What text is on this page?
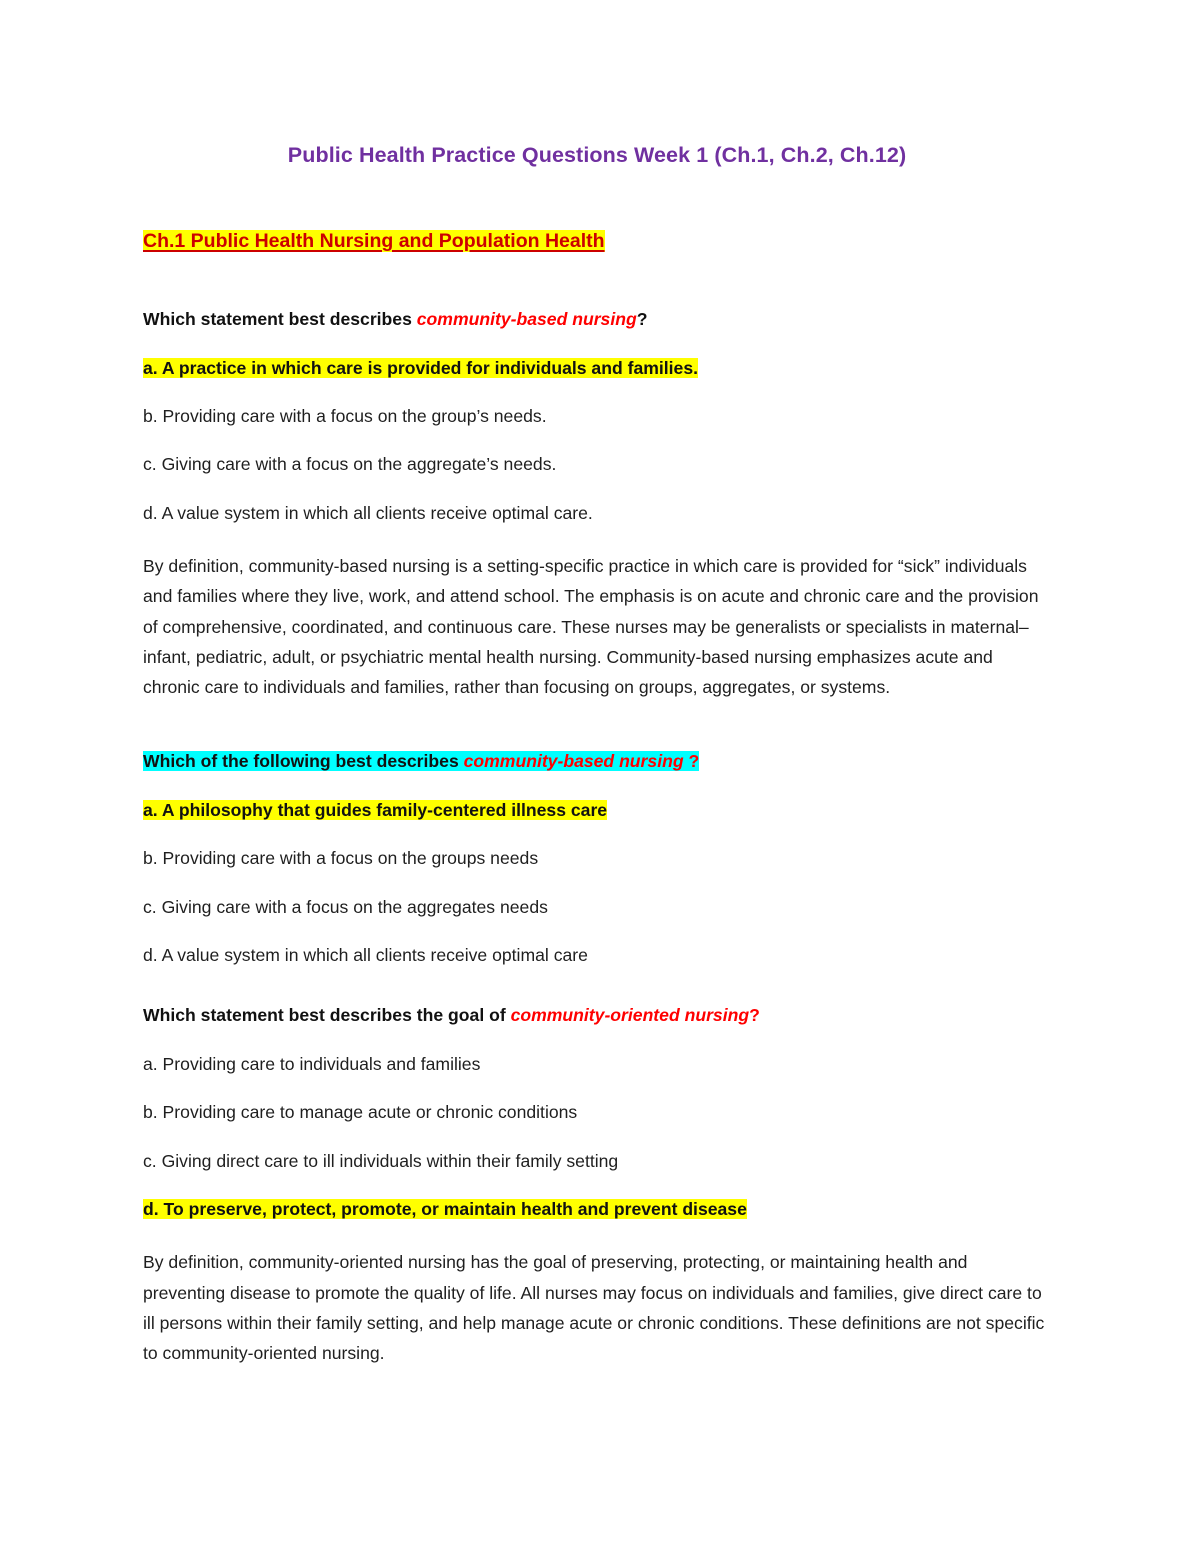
Public Health Practice Questions Week 1 (Ch.1, Ch.2, Ch.12)

Ch.1 Public Health Nursing and Population Health

Which statement best describes community-based nursing?

a. A practice in which care is provided for individuals and families.

b. Providing care with a focus on the group’s needs.

c. Giving care with a focus on the aggregate’s needs.

d. A value system in which all clients receive optimal care.

By definition, community-based nursing is a setting-specific practice in which care is provided for “sick” individuals and families where they live, work, and attend school. The emphasis is on acute and chronic care and the provision of comprehensive, coordinated, and continuous care. These nurses may be generalists or specialists in maternal–infant, pediatric, adult, or psychiatric mental health nursing. Community-based nursing emphasizes acute and chronic care to individuals and families, rather than focusing on groups, aggregates, or systems.

Which of the following best describes community-based nursing ?

a. A philosophy that guides family-centered illness care

b. Providing care with a focus on the groups needs

c. Giving care with a focus on the aggregates needs

d. A value system in which all clients receive optimal care

Which statement best describes the goal of community-oriented nursing?

a. Providing care to individuals and families

b. Providing care to manage acute or chronic conditions

c. Giving direct care to ill individuals within their family setting

d. To preserve, protect, promote, or maintain health and prevent disease

By definition, community-oriented nursing has the goal of preserving, protecting, or maintaining health and preventing disease to promote the quality of life. All nurses may focus on individuals and families, give direct care to ill persons within their family setting, and help manage acute or chronic conditions. These definitions are not specific to community-oriented nursing.
